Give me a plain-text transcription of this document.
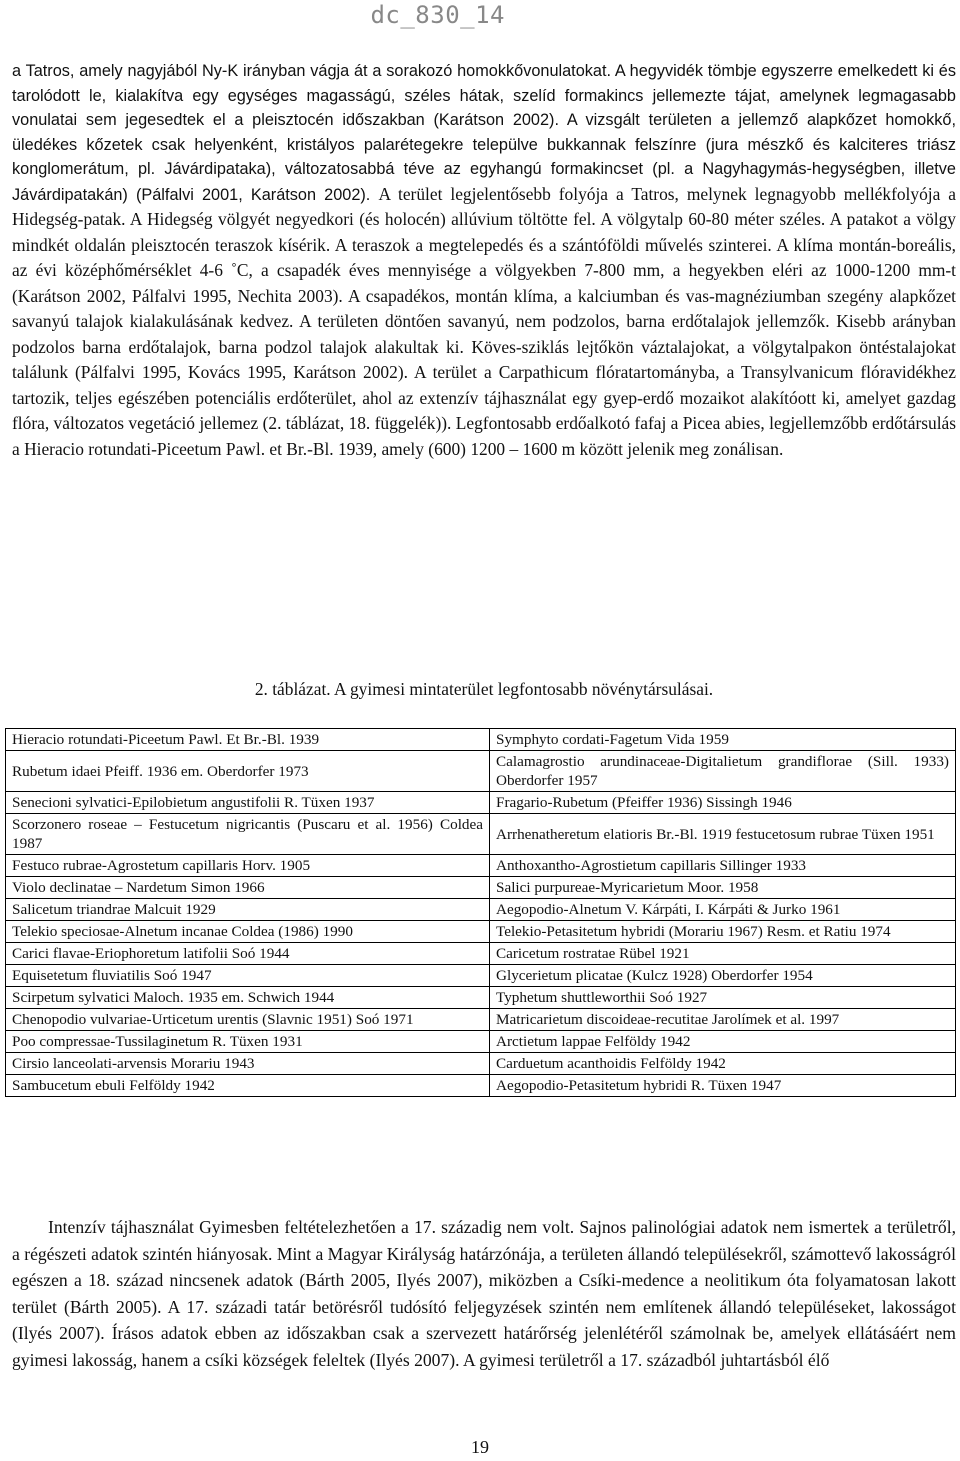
dc_830_14

a Tatros, amely nagyjából Ny-K irányban vágja át a sorakozó homokkővonulatokat. A hegyvidék tömbje egyszerre emelkedett ki és tarolódott le, kialakítva egy egységes magasságú, széles hátak, szelíd formakincs jellemezte tájat, amelynek legmagasabb vonulatai sem jegesedtek el a pleisztocén időszakban (Karátson 2002). A vizsgált területen a jellemző alapkőzet homokkő, üledékes kőzetek csak helyenként, kristályos palarétegekre települve bukkannak felszínre (jura mészkő és kalciteres triász konglomerátum, pl. Jávárdipataka), változatosabbá téve az egyhangú formakincset (pl. a Nagyhagymás-hegységben, illetve Jávárdipatakán) (Pálfalvi 2001, Karátson 2002). A terület legjelentősebb folyója a Tatros, melynek legnagyobb mellékfolyója a Hidegség-patak. A Hidegség völgyét negyedkori (és holocén) allúvium töltötte fel. A völgytalp 60-80 méter széles. A patakot a völgy mindkét oldalán pleisztocén teraszok kísérik. A teraszok a megtelepedés és a szántóföldi művelés szinterei. A klíma montán-boreális, az évi középhőmérséklet 4-6 ˚C, a csapadék éves mennyisége a völgyekben 7-800 mm, a hegyekben eléri az 1000-1200 mm-t (Karátson 2002, Pálfalvi 1995, Nechita 2003). A csapadékos, montán klíma, a kalciumban és vas-magnéziumban szegény alapkőzet savanyú talajok kialakulásának kedvez. A területen döntően savanyú, nem podzolos, barna erdőtalajok jellemzők. Kisebb arányban podzolos barna erdőtalajok, barna podzol talajok alakultak ki. Köves-sziklás lejtőkön váztalajokat, a völgytalpakon öntéstalajokat találunk (Pálfalvi 1995, Kovács 1995, Karátson 2002). A terület a Carpathicum flóratartományba, a Transylvanicum flóravidékhez tartozik, teljes egészében potenciális erdőterület, ahol az extenzív tájhasználat egy gyep-erdő mozaikot alakítóott ki, amelyet gazdag flóra, változatos vegetáció jellemez (2. táblázat, 18. függelék)). Legfontosabb erdőalkotó fafaj a Picea abies, legjellemzőbb erdőtársulás a Hieracio rotundati-Piceetum Pawl. et Br.-Bl. 1939, amely (600) 1200 – 1600 m között jelenik meg zonálisan.

2. táblázat. A gyimesi mintaterület legfontosabb növénytársulásai.
Hieracio rotundati-Piceetum Pawl. Et Br.-Bl. 1939	Symphyto cordati-Fagetum Vida 1959
Rubetum idaei Pfeiff. 1936 em. Oberdorfer 1973	Calamagrostio arundinaceae-Digitalietum grandiflorae (Sill. 1933) Oberdorfer 1957
Senecioni sylvatici-Epilobietum angustifolii R. Tüxen 1937	Fragario-Rubetum (Pfeiffer 1936) Sissingh 1946
Scorzonero roseae – Festucetum nigricantis (Puscaru et al. 1956) Coldea 1987	Arrhenatheretum elatioris Br.-Bl. 1919 festucetosum rubrae Tüxen 1951
Festuco rubrae-Agrostetum capillaris Horv. 1905	Anthoxantho-Agrostietum capillaris Sillinger 1933
Violo declinatae – Nardetum Simon 1966	Salici purpureae-Myricarietum Moor. 1958
Salicetum triandrae Malcuit 1929	Aegopodio-Alnetum V. Kárpáti, I. Kárpáti & Jurko 1961
Telekio speciosae-Alnetum incanae Coldea (1986) 1990	Telekio-Petasitetum hybridi (Morariu 1967) Resm. et Ratiu 1974
Carici flavae-Eriophoretum latifolii Soó 1944	Caricetum rostratae Rübel 1921
Equisetetum fluviatilis Soó 1947	Glycerietum plicatae (Kulcz 1928) Oberdorfer 1954
Scirpetum sylvatici Maloch. 1935 em. Schwich 1944	Typhetum shuttleworthii Soó 1927
Chenopodio vulvariae-Urticetum urentis (Slavnic 1951) Soó 1971	Matricarietum discoideae-recutitae Jarolímek et al. 1997
Poo compressae-Tussilaginetum R. Tüxen 1931	Arctietum lappae Felföldy 1942
Cirsio lanceolati-arvensis Morariu 1943	Carduetum acanthoidis Felföldy 1942
Sambucetum ebuli Felföldy 1942	Aegopodio-Petasitetum hybridi R. Tüxen 1947

Intenzív tájhasználat Gyimesben feltételezhetően a 17. századig nem volt. Sajnos palinológiai adatok nem ismertek a területről, a régészeti adatok szintén hiányosak. Mint a Magyar Királyság határzónája, a területen állandó településekről, számottevő lakosságról egészen a 18. század nincsenek adatok (Bárth 2005, Ilyés 2007), miközben a Csíki-medence a neolitikum óta folyamatosan lakott terület (Bárth 2005). A 17. századi tatár betörésről tudósító feljegyzések szintén nem említenek állandó településeket, lakosságot (Ilyés 2007). Írásos adatok ebben az időszakban csak a szervezett határőrség jelenlétéről számolnak be, amelyek ellátásáért nem gyimesi lakosság, hanem a csíki községek feleltek (Ilyés 2007). A gyimesi területről a 17. századból juhtartásból élő

19
